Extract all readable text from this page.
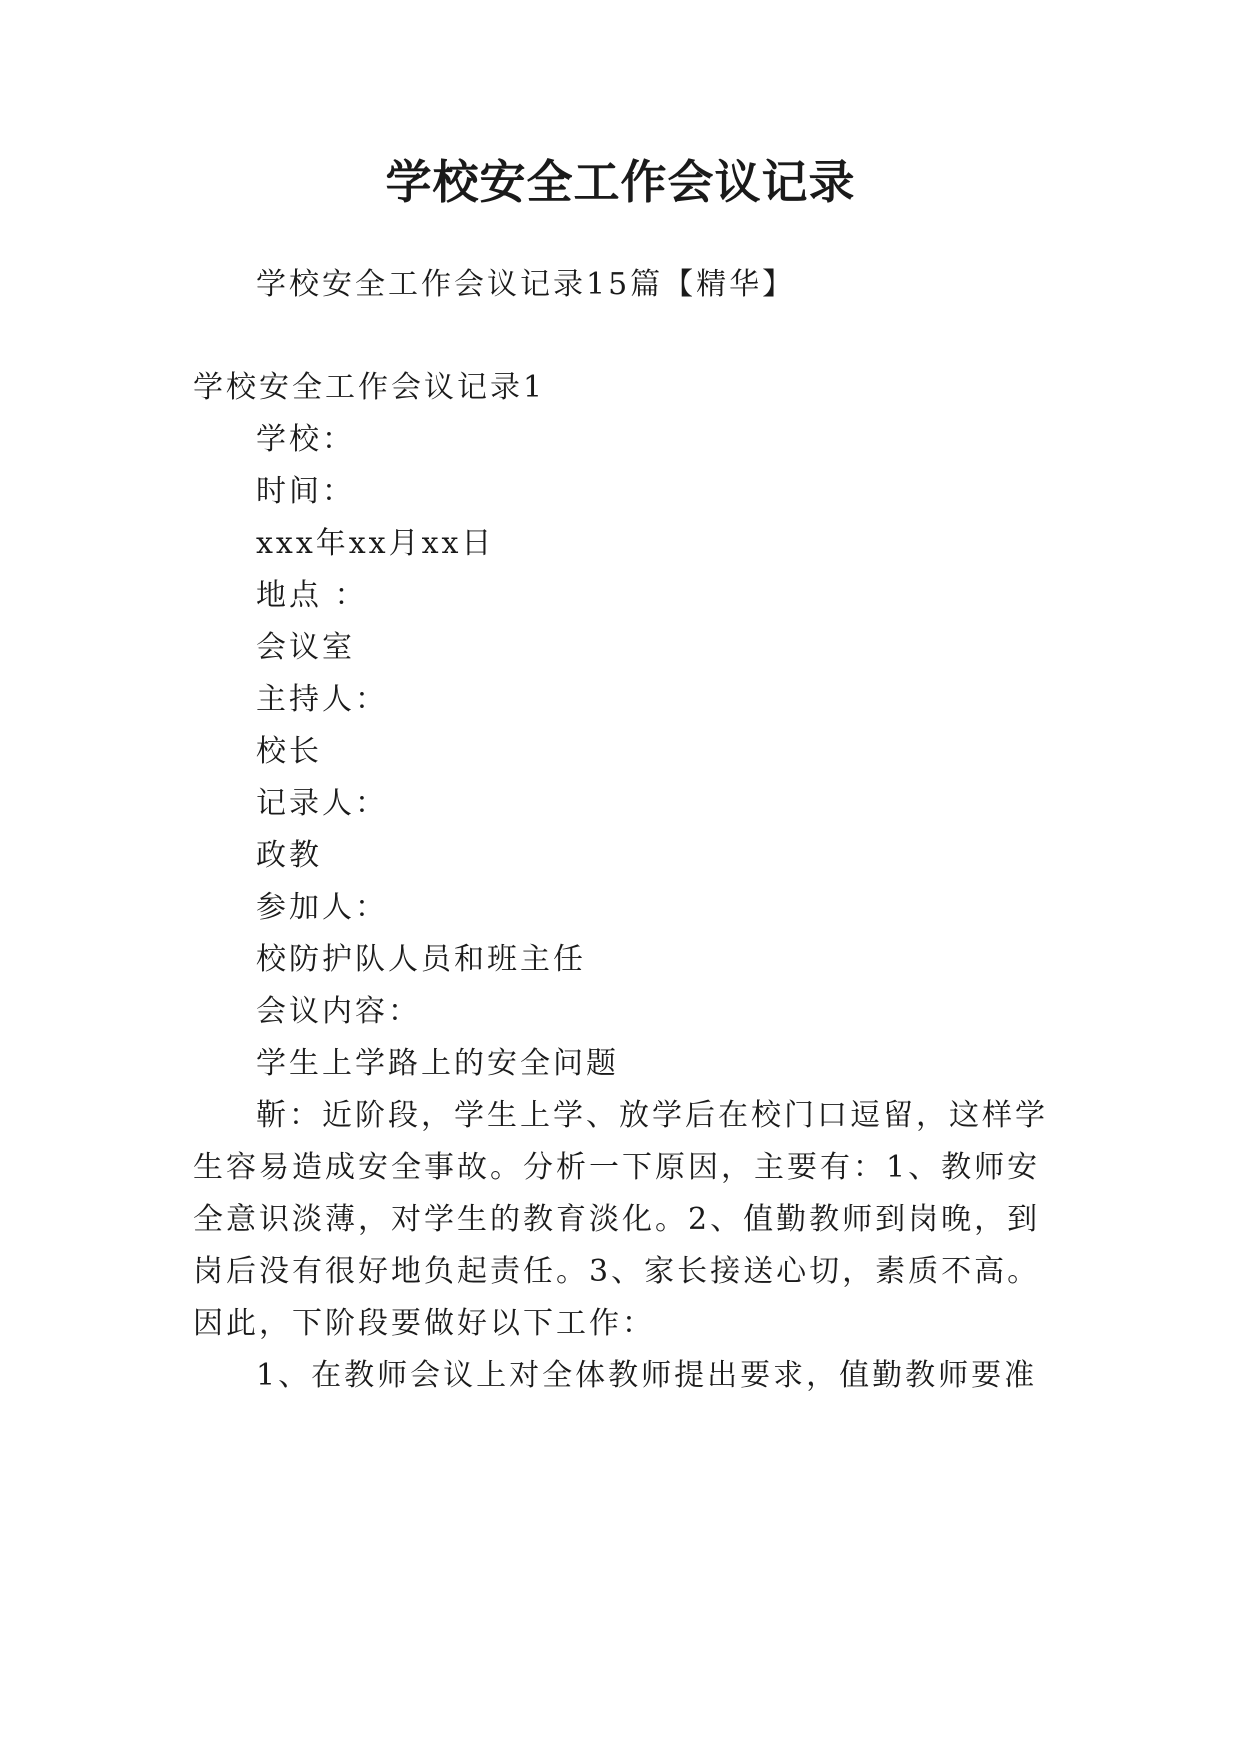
学校安全工作会议记录
学校安全工作会议记录15篇【精华】
学校安全工作会议记录1
学校：
时间：
xxx年xx月xx日
地点 ：
会议室
主持人：
校长
记录人：
政教
参加人：
校防护队人员和班主任
会议内容：
学生上学路上的安全问题
靳：近阶段，学生上学、放学后在校门口逗留，这样学
生容易造成安全事故。分析一下原因，主要有：1、教师安
全意识淡薄，对学生的教育淡化。2、值勤教师到岗晚，到
岗后没有很好地负起责任。3、家长接送心切，素质不高。
因此，下阶段要做好以下工作：
1、在教师会议上对全体教师提出要求，值勤教师要准
